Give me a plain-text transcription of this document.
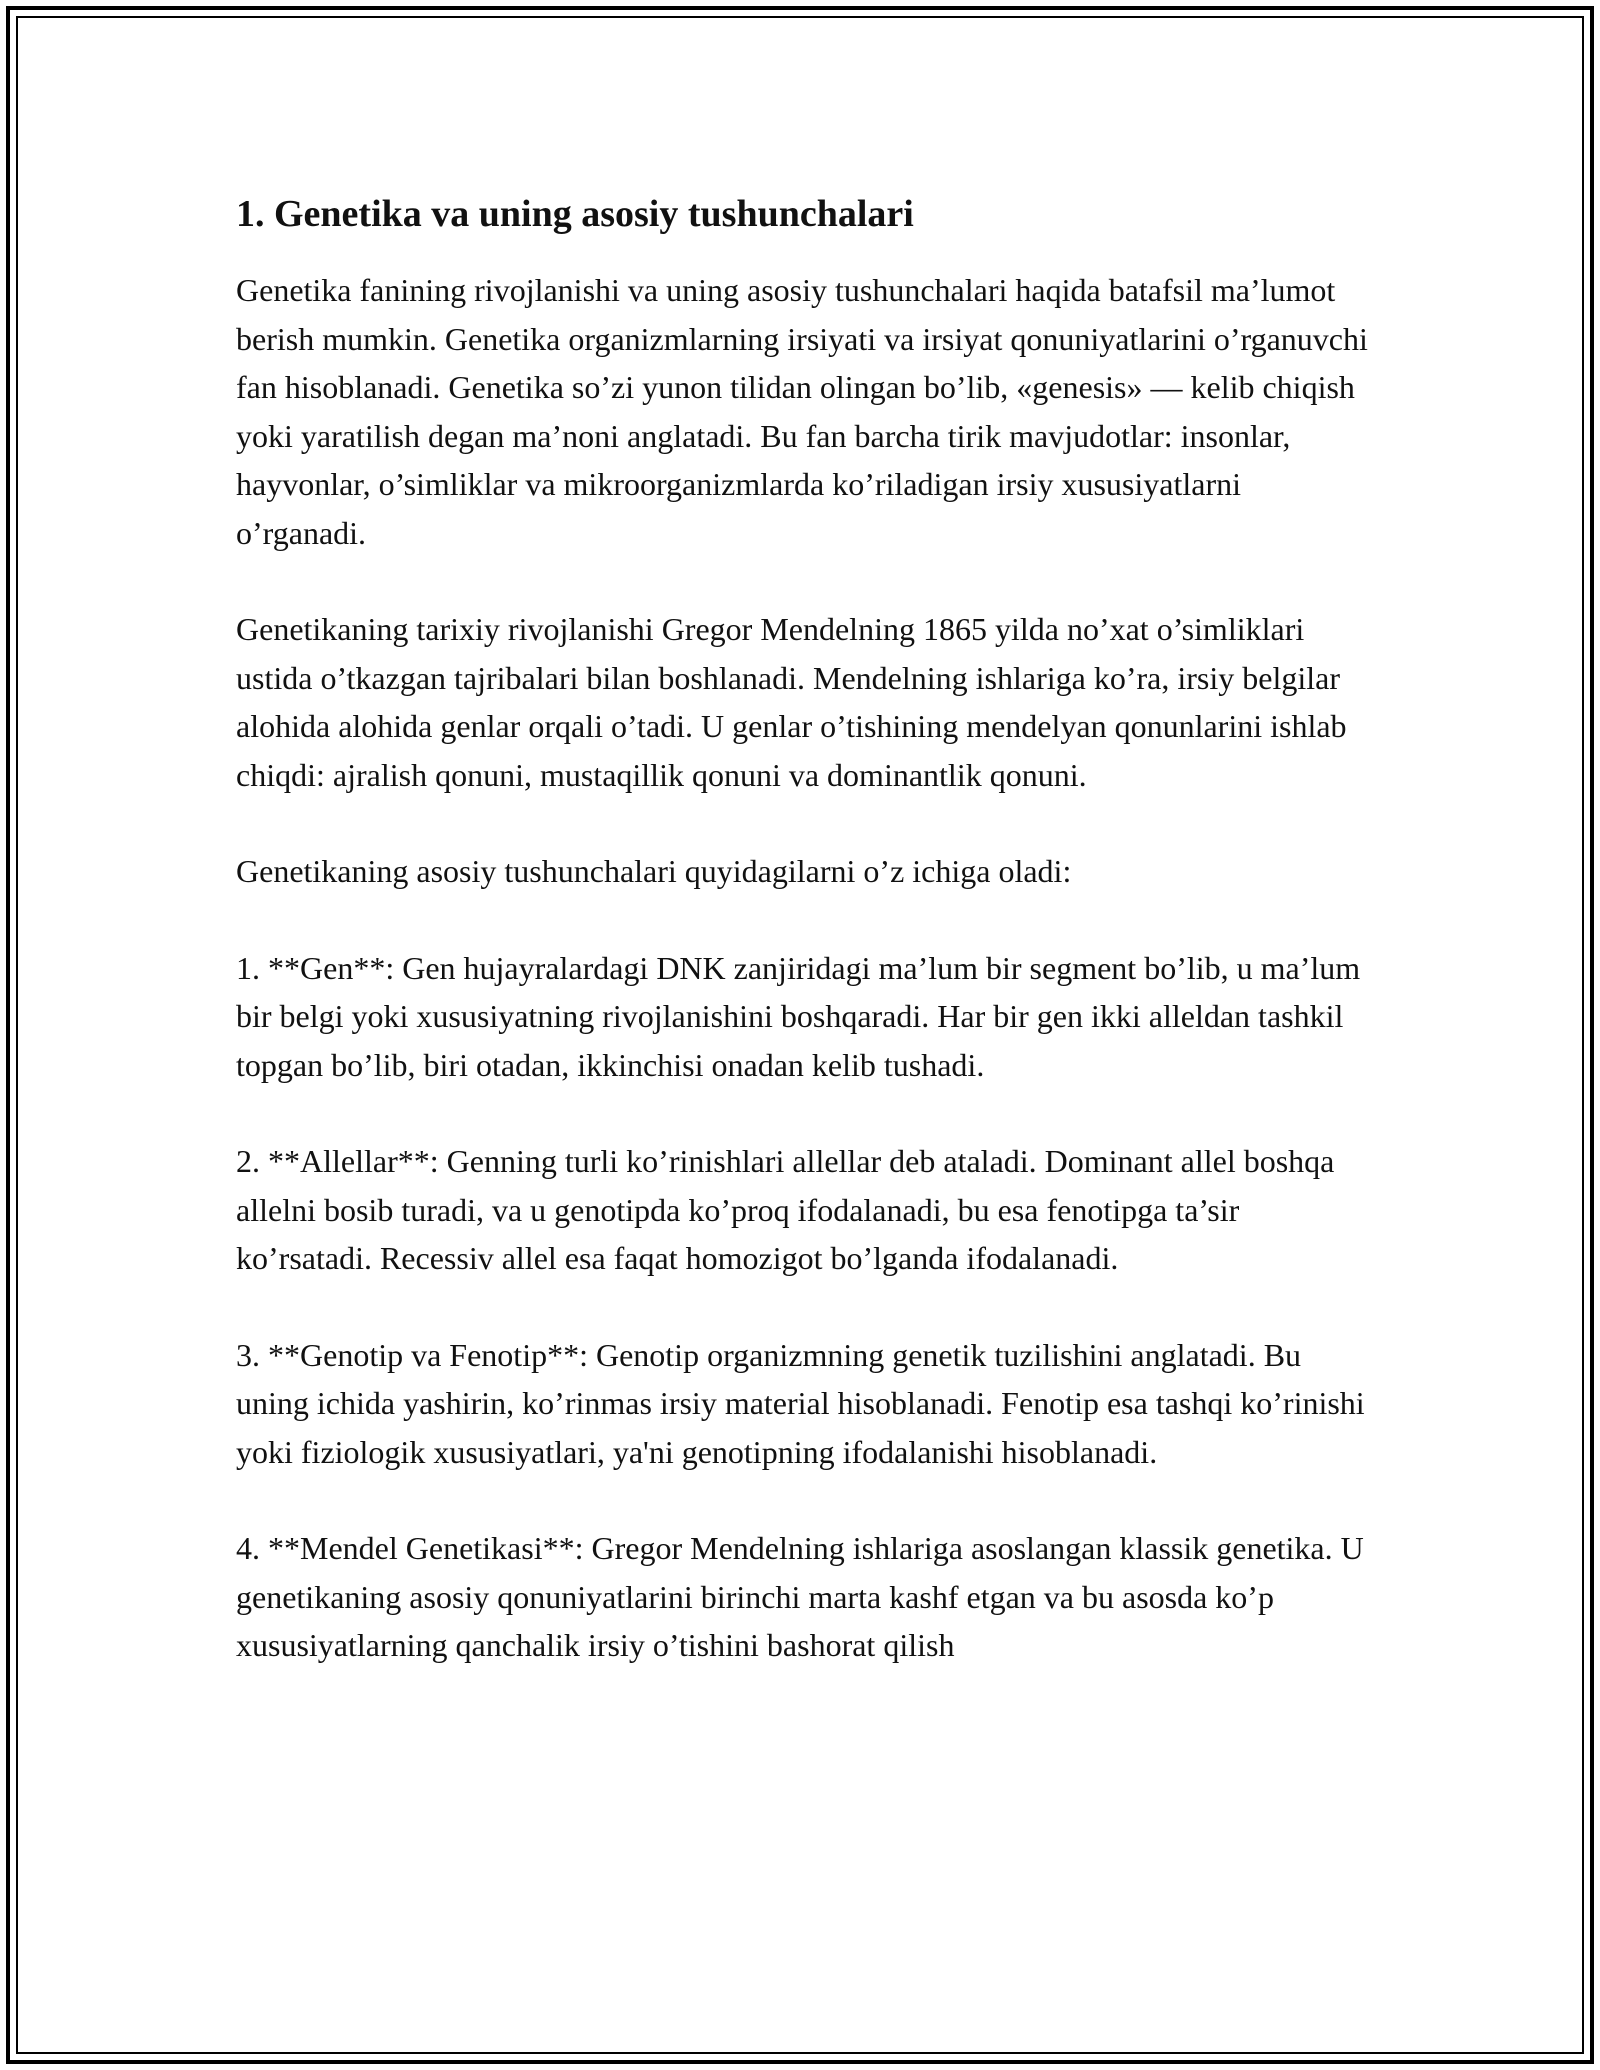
1. Genetika va uning asosiy tushunchalari

Genetika fanining rivojlanishi va uning asosiy tushunchalari haqida batafsil ma’lumot berish mumkin. Genetika organizmlarning irsiyati va irsiyat qonuniyatlarini o’rganuvchi fan hisoblanadi. Genetika so’zi yunon tilidan olingan bo’lib, «genesis» — kelib chiqish yoki yaratilish degan ma’noni anglatadi. Bu fan barcha tirik mavjudotlar: insonlar, hayvonlar, o’simliklar va mikroorganizmlarda ko’riladigan irsiy xususiyatlarni o’rganadi.

Genetikaning tarixiy rivojlanishi Gregor Mendelning 1865 yilda no’xat o’simliklari ustida o’tkazgan tajribalari bilan boshlanadi. Mendelning ishlariga ko’ra, irsiy belgilar alohida alohida genlar orqali o’tadi. U genlar o’tishining mendelyan qonunlarini ishlab chiqdi: ajralish qonuni, mustaqillik qonuni va dominantlik qonuni.

Genetikaning asosiy tushunchalari quyidagilarni o’z ichiga oladi:

1. **Gen**: Gen hujayralardagi DNK zanjiridagi ma’lum bir segment bo’lib, u ma’lum bir belgi yoki xususiyatning rivojlanishini boshqaradi. Har bir gen ikki alleldan tashkil topgan bo’lib, biri otadan, ikkinchisi onadan kelib tushadi.

2. **Allellar**: Genning turli ko’rinishlari allellar deb ataladi. Dominant allel boshqa allelni bosib turadi, va u genotipda ko’proq ifodalanadi, bu esa fenotipga ta’sir ko’rsatadi. Recessiv allel esa faqat homozigot bo’lganda ifodalanadi.

3. **Genotip va Fenotip**: Genotip organizmning genetik tuzilishini anglatadi. Bu uning ichida yashirin, ko’rinmas irsiy material hisoblanadi. Fenotip esa tashqi ko’rinishi yoki fiziologik xususiyatlari, ya'ni genotipning ifodalanishi hisoblanadi.

4. **Mendel Genetikasi**: Gregor Mendelning ishlariga asoslangan klassik genetika. U genetikaning asosiy qonuniyatlarini birinchi marta kashf etgan va bu asosda ko’p xususiyatlarning qanchalik irsiy o’tishini bashorat qilish
